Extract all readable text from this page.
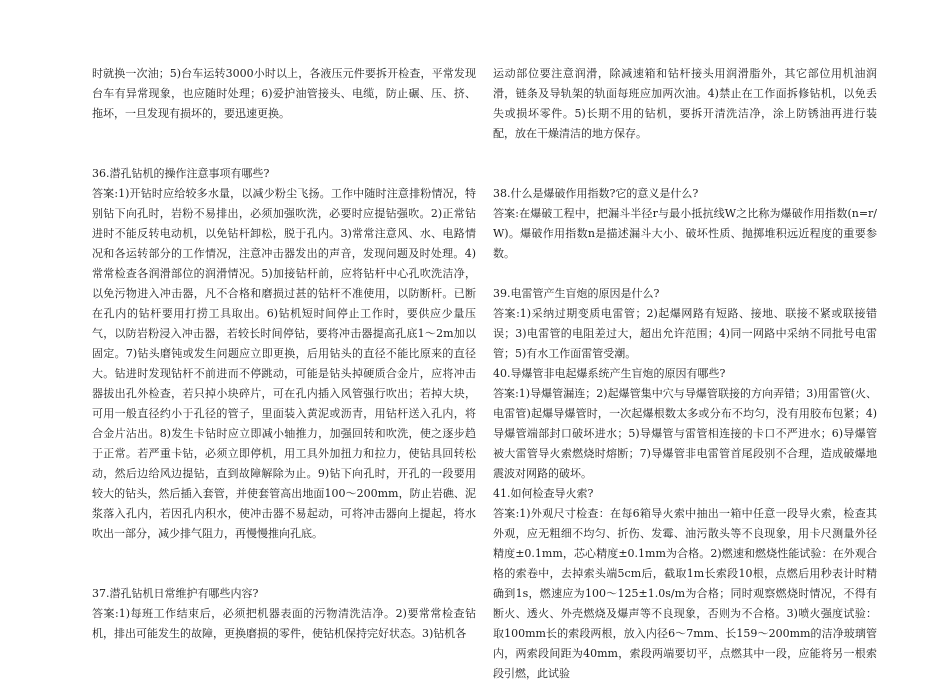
时就换一次油；5)台车运转3000小时以上，各液压元件要拆开检查，平常发现台车有异常现象，也应随时处理；6)爱护油管接头、电缆，防止碾、压、挤、拖坏，一旦发现有损坏的，要迅速更换。

36.潜孔钻机的操作注意事项有哪些?

答案:1)开钻时应给较多水量，以减少粉尘飞扬。工作中随时注意排粉情况，特别钻下向孔时，岩粉不易排出，必须加强吹洗，必要时应提钻强吹。2)正常钻进时不能反转电动机，以免钻杆卸松，脱于孔内。3)常常注意风、水、电路情况和各运转部分的工作情况，注意冲击器发出的声音，发现问题及时处理。4)常常检查各润滑部位的润滑情况。5)加接钻杆前，应将钻杆中心孔吹洗洁净，以免污物进入冲击器，凡不合格和磨损过甚的钻杆不准使用，以防断杆。已断在孔内的钻杆要用打捞工具取出。6)钻机短时间停止工作时，要供应少量压气，以防岩粉浸入冲击器，若较长时间停钻，要将冲击器提高孔底1～2m加以固定。7)钻头磨钝或发生问题应立即更换，后用钻头的直径不能比原来的直径大。钻进时发现钻杆不前进而不停跳动，可能是钻头掉硬质合金片，应将冲击器拔出孔外检查，若只掉小块碎片，可在孔内插入风管强行吹出；若掉大块，可用一般直径约小于孔径的管子，里面装入黄泥或沥青，用钻杆送入孔内，将合金片沾出。8)发生卡钻时应立即减小轴推力，加强回转和吹洗，使之逐步趋于正常。若严重卡钻，必须立即停机，用工具外加扭力和拉力，使钻具回转松动，然后边给风边提钻，直到故障解除为止。9)钻下向孔时，开孔的一段要用较大的钻头，然后插入套管，并使套管高出地面100～200mm，防止岩礁、泥浆落入孔内，若因孔内积水，使冲击器不易起动，可将冲击器向上提起，将水吹出一部分，减少排气阻力，再慢慢推向孔底。

37.潜孔钻机日常维护有哪些内容?

答案:1)每班工作结束后，必须把机器表面的污物清洗洁净。2)要常常检查钻机，排出可能发生的故障，更换磨损的零件，使钻机保持完好状态。3)钻机各

运动部位要注意润滑，除减速箱和钻杆接头用润滑脂外，其它部位用机油润滑，链条及导轨架的轨面每班应加两次油。4)禁止在工作面拆修钻机，以免丢失或损坏零件。5)长期不用的钻机，要拆开清洗洁净，涂上防锈油再进行装配，放在干燥清洁的地方保存。

38.什么是爆破作用指数?它的意义是什么?

答案:在爆破工程中，把漏斗半径r与最小抵抗线W之比称为爆破作用指数(n=r/W)。爆破作用指数n是描述漏斗大小、破坏性质、抛掷堆积远近程度的重要参数。

39.电雷管产生盲炮的原因是什么?

答案:1)采纳过期变质电雷管；2)起爆网路有短路、接地、联接不紧或联接错误；3)电雷管的电阻差过大，超出允许范围；4)同一网路中采纳不同批号电雷管；5)有水工作面雷管受潮。

40.导爆管非电起爆系统产生盲炮的原因有哪些?

答案:1)导爆管漏连；2)起爆管集中穴与导爆管联接的方向弄错；3)用雷管(火、电雷管)起爆导爆管时，一次起爆根数太多或分布不均匀，没有用胶布包紧；4)导爆管端部封口破坏进水；5)导爆管与雷管相连接的卡口不严进水；6)导爆管被大雷管导火索燃烧时熔断；7)导爆管非电雷管首尾段别不合理，造成破爆地震波对网路的破坏。

41.如何检查导火索?

答案:1)外观尺寸检查：在每6箱导火索中抽出一箱中任意一段导火索，检查其外观，应无粗细不均匀、折伤、发霉、油污散头等不良现象，用卡尺测量外径精度±0.1mm，芯心精度±0.1mm为合格。2)燃速和燃烧性能试验：在外观合格的索卷中，去掉索头端5cm后，截取1m长索段10根，点燃后用秒表计时精确到1s，燃速应为100～125±1.0s/m为合格；同时观察燃烧时情况，不得有断火、透火、外壳燃烧及爆声等不良现象，否则为不合格。3)喷火强度试验：取100mm长的索段两根，放入内径6～7mm、长159～200mm的洁净玻璃管内，两索段间距为40mm，索段两端要切平，点燃其中一段，应能将另一根索段引燃，此试验
